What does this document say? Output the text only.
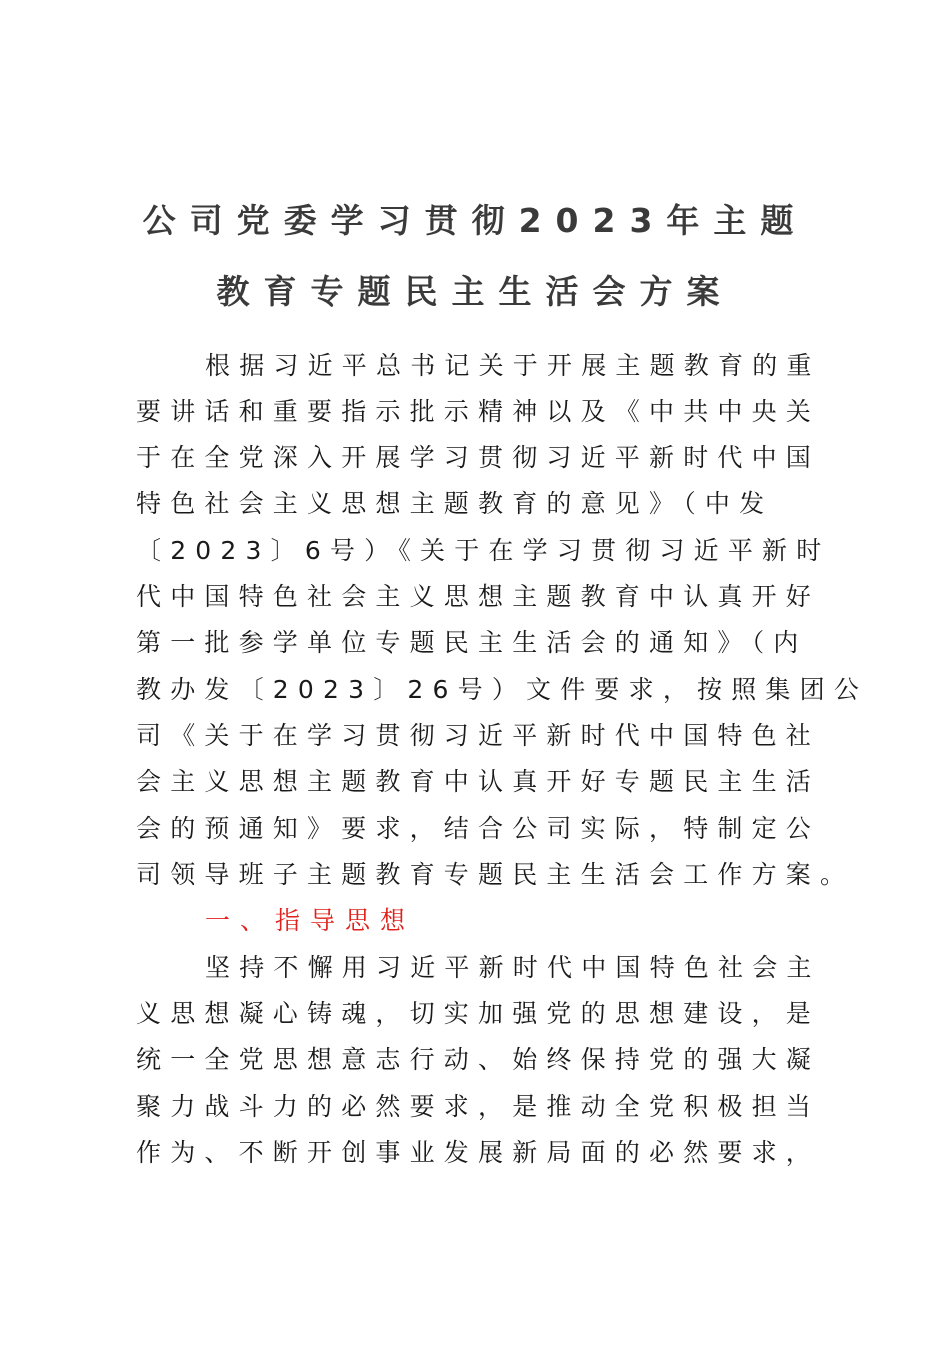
公司党委学习贯彻2023年主题
教育专题民主生活会方案
根据习近平总书记关于开展主题教育的重
要讲话和重要指示批示精神以及《中共中央关
于在全党深入开展学习贯彻习近平新时代中国
特色社会主义思想主题教育的意见》（中发
〔2023〕6号）《关于在学习贯彻习近平新时
代中国特色社会主义思想主题教育中认真开好
第一批参学单位专题民主生活会的通知》（内
教办发〔2023〕26号）文件要求，按照集团公
司《关于在学习贯彻习近平新时代中国特色社
会主义思想主题教育中认真开好专题民主生活
会的预通知》要求，结合公司实际，特制定公
司领导班子主题教育专题民主生活会工作方案。
一、指导思想
坚持不懈用习近平新时代中国特色社会主
义思想凝心铸魂，切实加强党的思想建设，是
统一全党思想意志行动、始终保持党的强大凝
聚力战斗力的必然要求，是推动全党积极担当
作为、不断开创事业发展新局面的必然要求，
